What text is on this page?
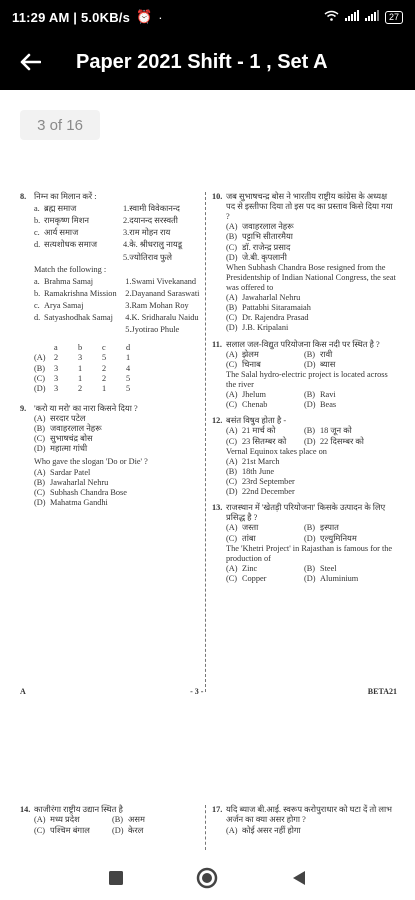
11:29 AM | 5.0KB/s ⏰ ·	27
Paper 2021 Shift - 1 , Set A
3 of 16
8. निम्न का मिलान करें :
a.	ब्रह्म समाज	1.	स्वामी विवेकानन्द
b.	रामकृष्ण मिशन	2.	दयानन्द सरस्वती
c.	आर्य समाज	3.	राम मोहन राय
d.	सत्यशोधक समाज	4.	के. श्रीधरालु नायडू
		5.	ज्योतिराव फुले
Match the following :
a.	Brahma Samaj	1.	Swami Vivekanand
b.	Ramakrishna Mission	2.	Dayanand Saraswati
c.	Arya Samaj	3.	Ram Mohan Roy
d.	Satyashodhak Samaj	4.	K. Sridharalu Naidu
		5.	Jyotirao Phule
	a	b	c	d
(A)	2	3	5	1
(B)	3	1	2	4
(C)	3	1	2	5
(D)	3	2	1	5
9. 'करो या मरो' का नारा किसने दिया ?
(A) सरदार पटेल
(B) जवाहरलाल नेहरू
(C) सुभाषचंद्र बोस
(D) महात्मा गांधी
Who gave the slogan 'Do or Die' ?
(A) Sardar Patel
(B) Jawaharlal Nehru
(C) Subhash Chandra Bose
(D) Mahatma Gandhi
10. जब सुभाषचन्द्र बोस ने भारतीय राष्ट्रीय कांग्रेस के अध्यक्ष पद से इस्तीफा दिया तो इस पद का प्रस्ताव किसे दिया गया ?
(A) जवाहरलाल नेहरू
(B) पट्टाभि सीतारमैया
(C) डॉ. राजेन्द्र प्रसाद
(D) जे.बी. कृपलानी
When Subhash Chandra Bose resigned from the Presidentship of Indian National Congress, the seat was offered to
(A) Jawaharlal Nehru
(B) Pattabhi Sitaramaiah
(C) Dr. Rajendra Prasad
(D) J.B. Kripalani
11. सलाल जल-विद्युत परियोजना किस नदी पर स्थित है ?
(A) झेलम	(B) रावी
(C) चिनाब	(D) ब्यास
The Salal hydro-electric project is located across the river
(A) Jhelum	(B) Ravi
(C) Chenab	(D) Beas
12. बसंत विषुव होता है -
(A) 21 मार्च को	(B) 18 जून को
(C) 23 सितम्बर को	(D) 22 दिसम्बर को
Vernal Equinox takes place on
(A) 21st March
(B) 18th June
(C) 23rd September
(D) 22nd December
13. राजस्थान में 'खेतड़ी परियोजना' किसके उत्पादन के लिए प्रसिद्ध है ?
(A) जस्ता	(B) इस्पात
(C) तांबा	(D) एल्युमिनियम
The 'Khetri Project' in Rajasthan is famous for the production of
(A) Zinc	(B) Steel
(C) Copper	(D) Aluminium
A	- 3 -	BETA21
14. काजीरंगा राष्ट्रीय उद्यान स्थित है
(A) मध्य प्रदेश	(B) असम
(C) पश्चिम बंगाल	(D) केरल
17. यदि ब्याज बी.आई. स्वरूप करोपुराधार को घटा दें तो लाभ अर्जन का क्या असर होगा ?
(A) कोई असर नहीं होगा
